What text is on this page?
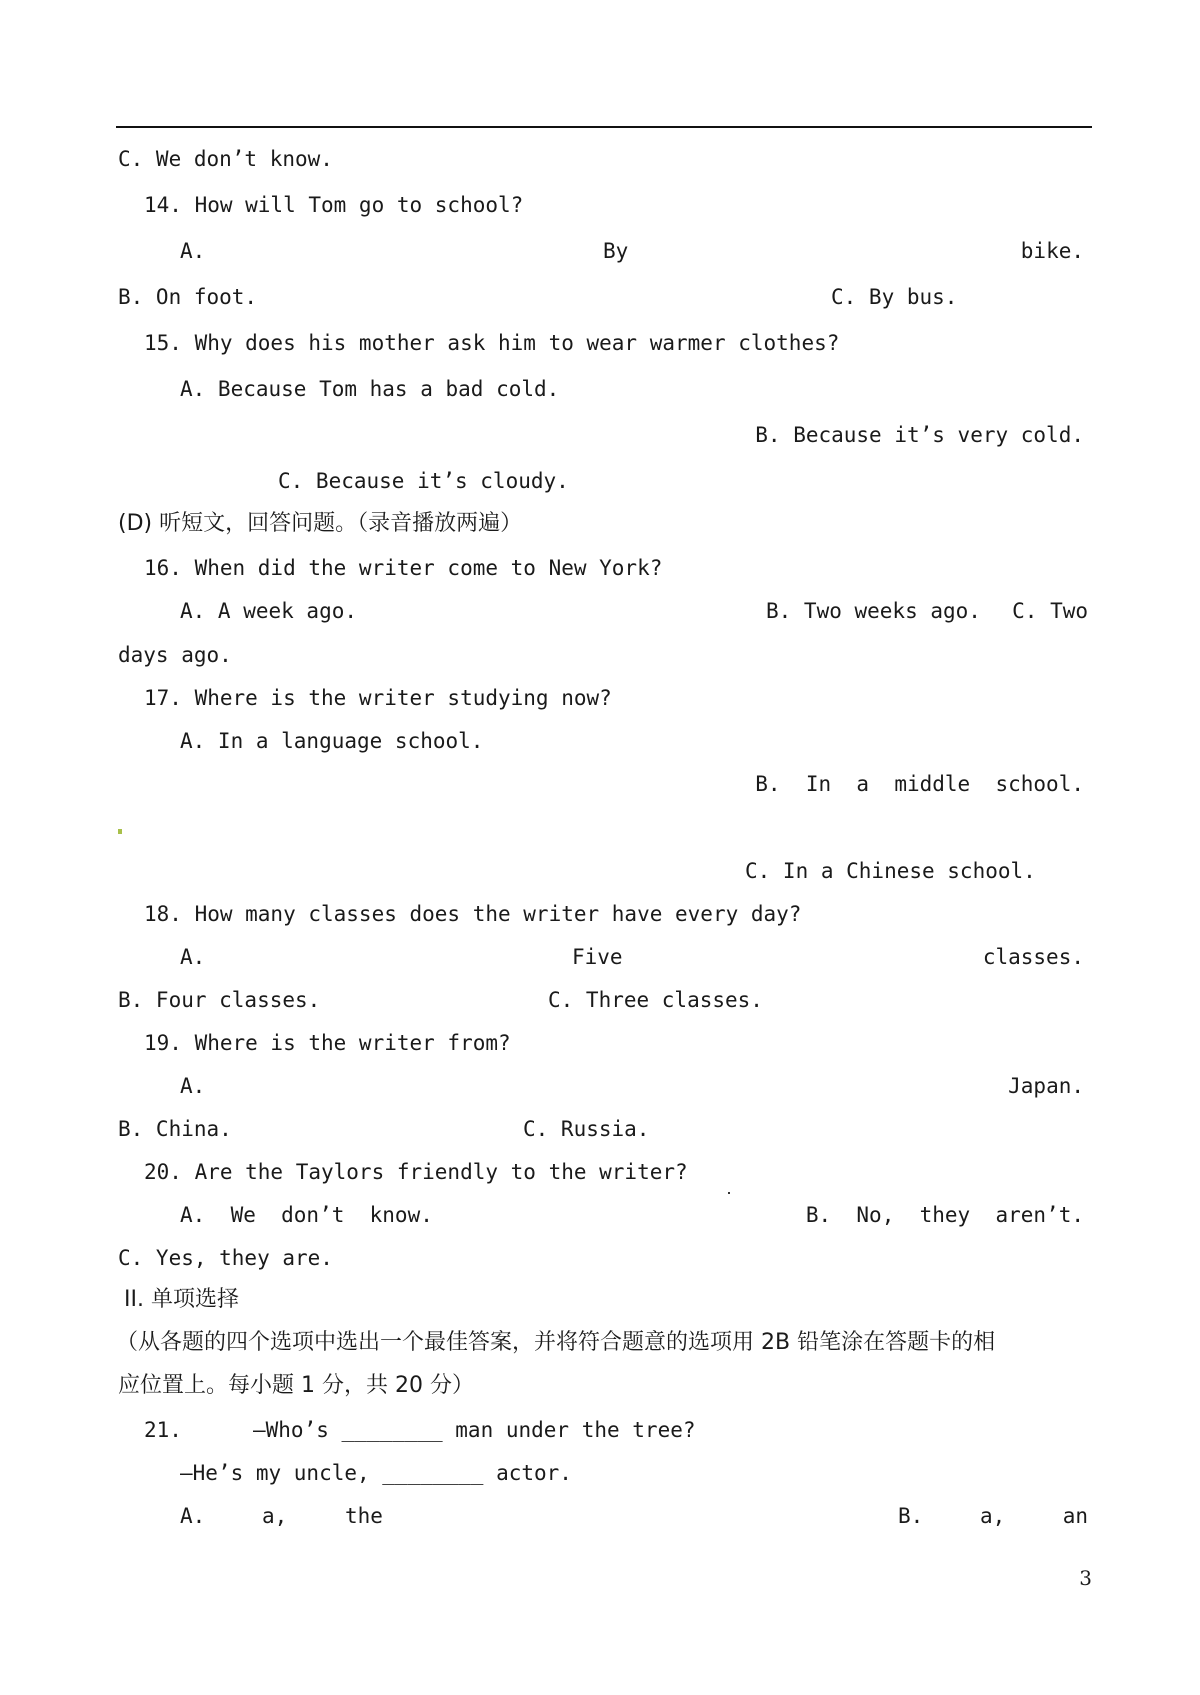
C. We don’t know.
14. How will Tom go to school?
A.	By	bike.
B. On foot.	C. By bus.
15. Why does his mother ask him to wear warmer clothes?
A. Because Tom has a bad cold.
B. Because it’s very cold.
C. Because it’s cloudy.
(D) 听短文，回答问题。（录音播放两遍）
16. When did the writer come to New York?
A. A week ago.	B. Two weeks ago. C. Two
days ago.
17. Where is the writer studying now?
A. In a language school.
B.  In  a  middle  school.
C. In a Chinese school.
18. How many classes does the writer have every day?
A.	Five	classes.
B. Four classes.	C. Three classes.
19. Where is the writer from?
A.	Japan.
B. China.	C. Russia.
20. Are the Taylors friendly to the writer?
A.  We  don’t  know.	B.  No,  they  aren’t.
C. Yes, they are.
II. 单项选择
（从各题的四个选项中选出一个最佳答案，并将符合题意的选项用 2B 铅笔涂在答题卡的相
应位置上。每小题 1 分，共 20 分）
21.	—Who’s ________ man under the tree?
—He’s my uncle, ________ actor.
A.	a,	the	B.	a,	an
3
